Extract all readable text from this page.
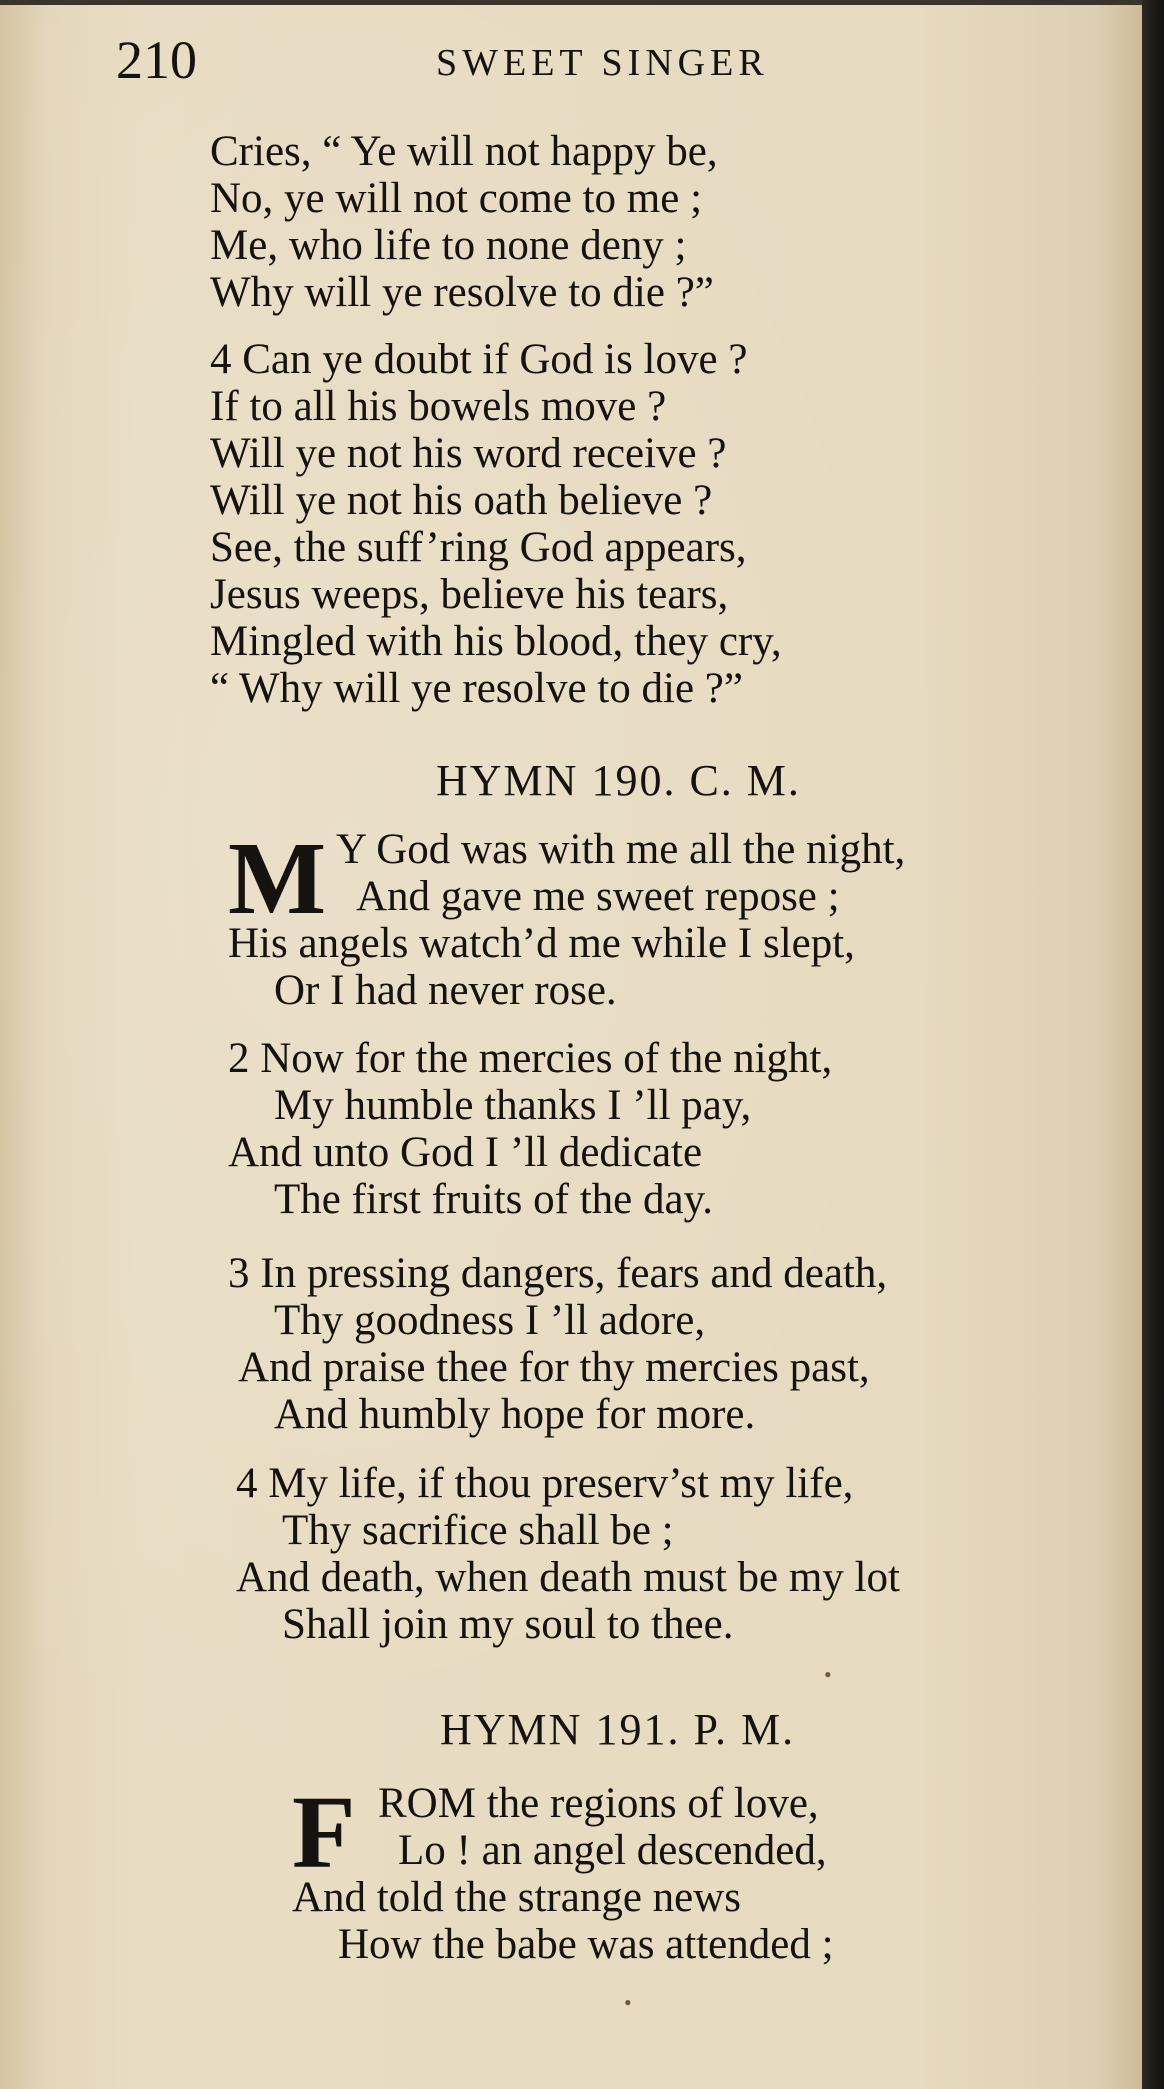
210	SWEET SINGER
Cries, “ Ye will not happy be,
No, ye will not come to me ;
Me, who life to none deny ;
Why will ye resolve to die ?”
4 Can ye doubt if God is love ?
If to all his bowels move ?
Will ye not his word receive ?
Will ye not his oath believe ?
See, the suff’ring God appears,
Jesus weeps, believe his tears,
Mingled with his blood, they cry,
“ Why will ye resolve to die ?”
HYMN 190. C. M.
M Y God was with me all the night,
And gave me sweet repose ;
His angels watch’d me while I slept,
Or I had never rose.
2 Now for the mercies of the night,
My humble thanks I ’ll pay,
And unto God I ’ll dedicate
The first fruits of the day.
3 In pressing dangers, fears and death,
Thy goodness I ’ll adore,
And praise thee for thy mercies past,
And humbly hope for more.
4 My life, if thou preserv’st my life,
Thy sacrifice shall be ;
And death, when death must be my lot
Shall join my soul to thee.
•
HYMN 191. P. M.
F ROM the regions of love,
Lo ! an angel descended,
And told the strange news
How the babe was attended ;
•
